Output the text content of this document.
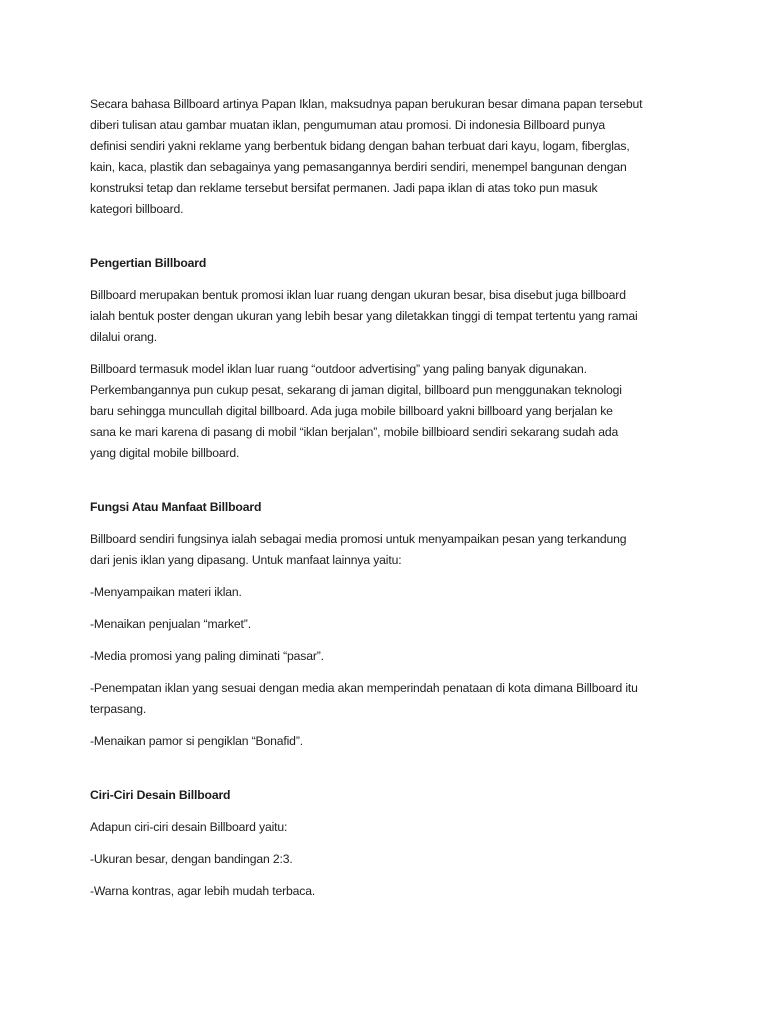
Secara bahasa Billboard artinya Papan Iklan, maksudnya papan berukuran besar dimana papan tersebut
diberi tulisan atau gambar muatan iklan, pengumuman atau promosi. Di indonesia Billboard punya
definisi sendiri yakni reklame yang berbentuk bidang dengan bahan terbuat dari kayu, logam, fiberglas,
kain, kaca, plastik dan sebagainya yang pemasangannya berdiri sendiri, menempel bangunan dengan
konstruksi tetap dan reklame tersebut bersifat permanen. Jadi papa iklan di atas toko pun masuk
kategori billboard.

Pengertian Billboard

Billboard merupakan bentuk promosi iklan luar ruang dengan ukuran besar, bisa disebut juga billboard
ialah bentuk poster dengan ukuran yang lebih besar yang diletakkan tinggi di tempat tertentu yang ramai
dilalui orang.

Billboard termasuk model iklan luar ruang “outdoor advertising” yang paling banyak digunakan.
Perkembangannya pun cukup pesat, sekarang di jaman digital, billboard pun menggunakan teknologi
baru sehingga muncullah digital billboard. Ada juga mobile billboard yakni billboard yang berjalan ke
sana ke mari karena di pasang di mobil “iklan berjalan”, mobile billbioard sendiri sekarang sudah ada
yang digital mobile billboard.

Fungsi Atau Manfaat Billboard

Billboard sendiri fungsinya ialah sebagai media promosi untuk menyampaikan pesan yang terkandung
dari jenis iklan yang dipasang. Untuk manfaat lainnya yaitu:

-Menyampaikan materi iklan.

-Menaikan penjualan “market”.

-Media promosi yang paling diminati “pasar”.

-Penempatan iklan yang sesuai dengan media akan memperindah penataan di kota dimana Billboard itu
terpasang.

-Menaikan pamor si pengiklan “Bonafid”.

Ciri-Ciri Desain Billboard

Adapun ciri-ciri desain Billboard yaitu:

-Ukuran besar, dengan bandingan 2:3.

-Warna kontras, agar lebih mudah terbaca.
